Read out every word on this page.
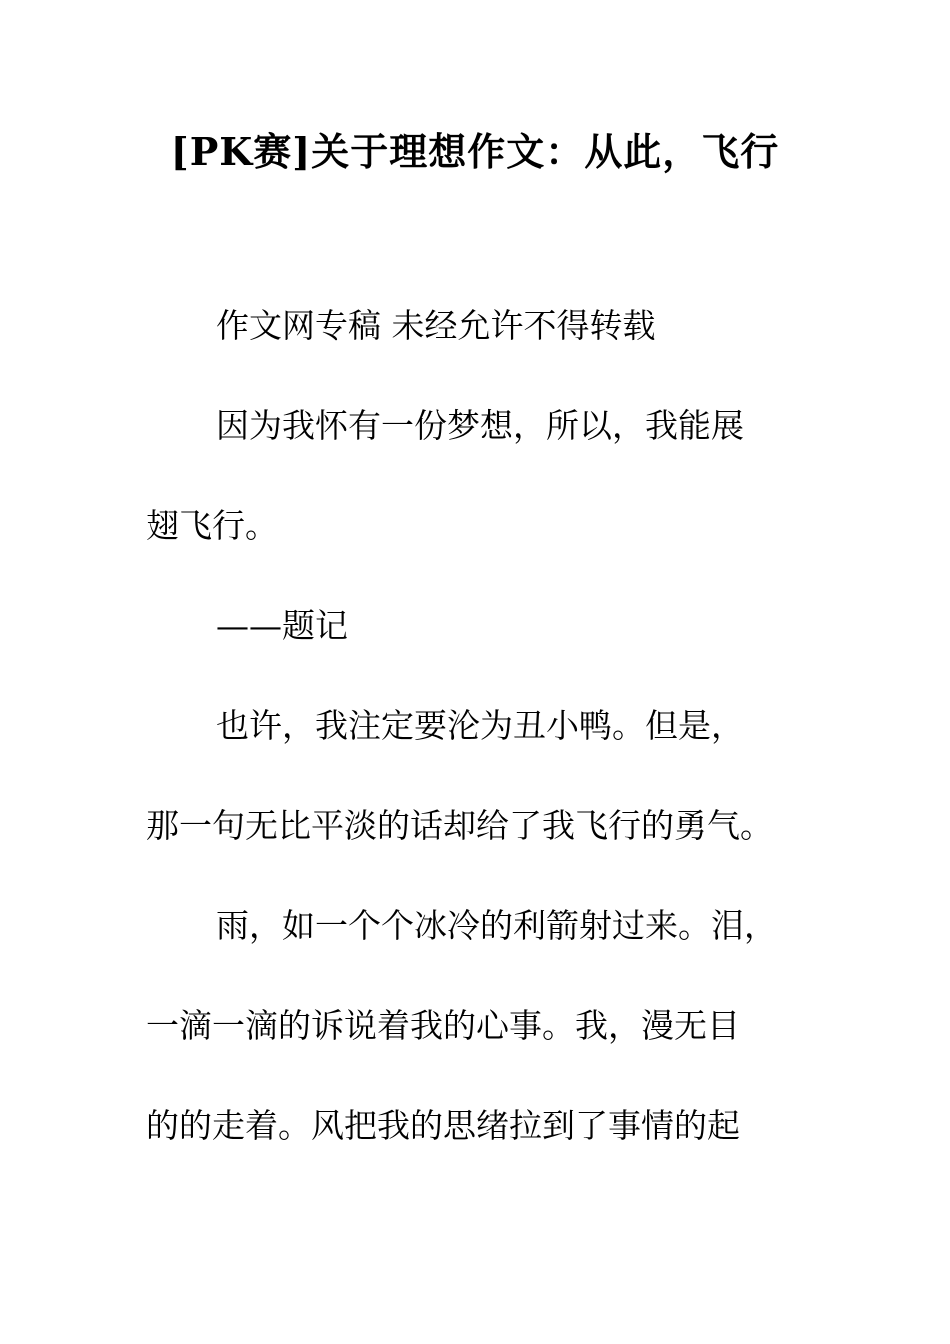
[PK赛]关于理想作文：从此，飞行
作文网专稿 未经允许不得转载
因为我怀有一份梦想，所以，我能展
翅飞行。
——题记
也许，我注定要沦为丑小鸭。但是，
那一句无比平淡的话却给了我飞行的勇气。
雨，如一个个冰冷的利箭射过来。泪，
一滴一滴的诉说着我的心事。我，漫无目
的的走着。风把我的思绪拉到了事情的起
